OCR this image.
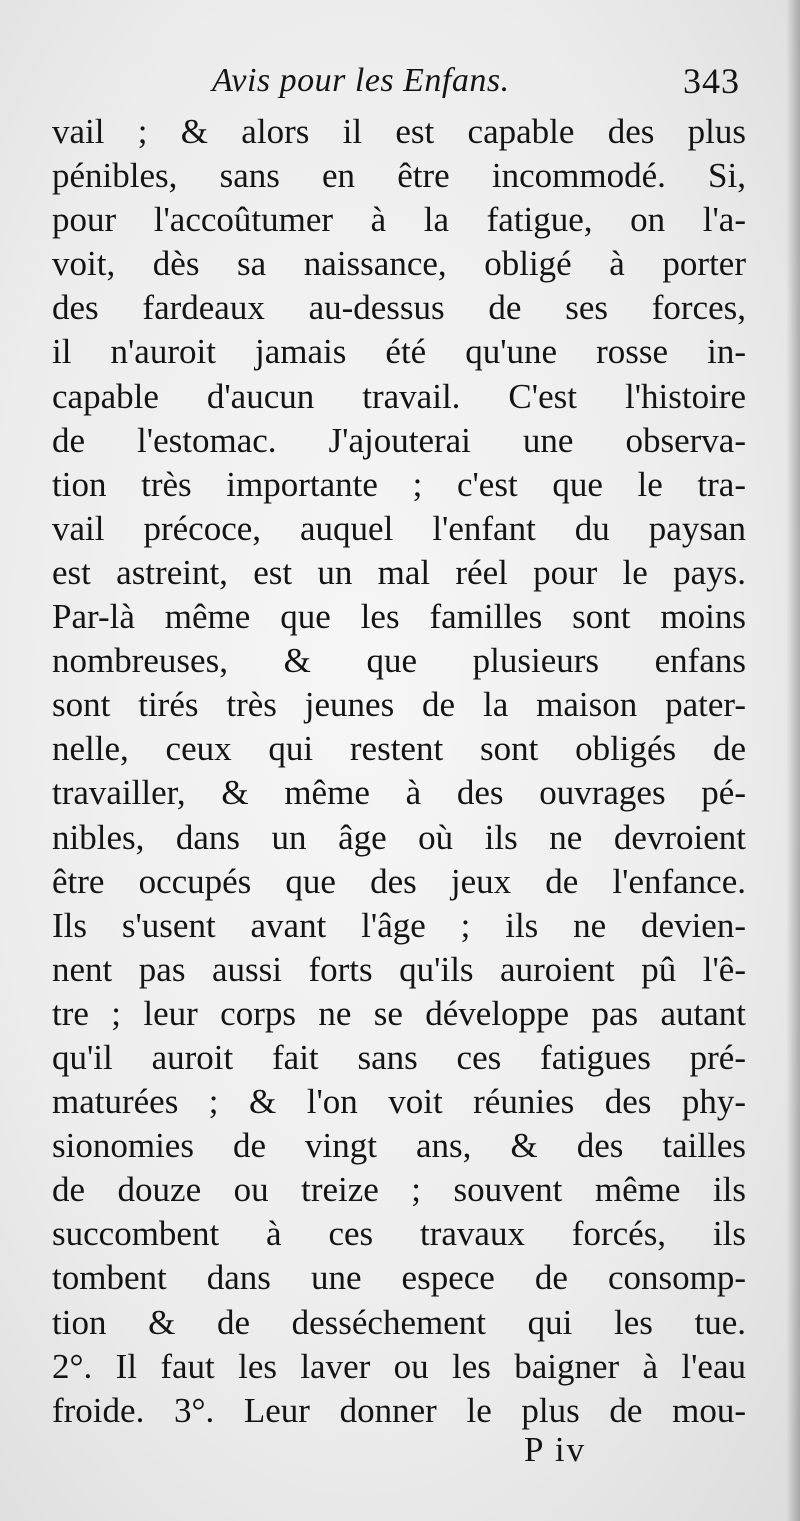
Avis pour les Enfans.	343
vail ; & alors il est capable des plus
pénibles, sans en être incommodé. Si,
pour l'accoûtumer à la fatigue, on l'a-
voit, dès sa naissance, obligé à porter
des fardeaux au-dessus de ses forces,
il n'auroit jamais été qu'une rosse in-
capable d'aucun travail. C'est l'histoire
de l'estomac. J'ajouterai une observa-
tion très importante ; c'est que le tra-
vail précoce, auquel l'enfant du paysan
est astreint, est un mal réel pour le pays.
Par-là même que les familles sont moins
nombreuses, & que plusieurs enfans
sont tirés très jeunes de la maison pater-
nelle, ceux qui restent sont obligés de
travailler, & même à des ouvrages pé-
nibles, dans un âge où ils ne devroient
être occupés que des jeux de l'enfance.
Ils s'usent avant l'âge ; ils ne devien-
nent pas aussi forts qu'ils auroient pû l'ê-
tre ; leur corps ne se développe pas autant
qu'il auroit fait sans ces fatigues pré-
maturées ; & l'on voit réunies des phy-
sionomies de vingt ans, & des tailles
de douze ou treize ; souvent même ils
succombent à ces travaux forcés, ils
tombent dans une espece de consomp-
tion & de desséchement qui les tue.
2°. Il faut les laver ou les baigner à l'eau
froide. 3°. Leur donner le plus de mou-
P iv
